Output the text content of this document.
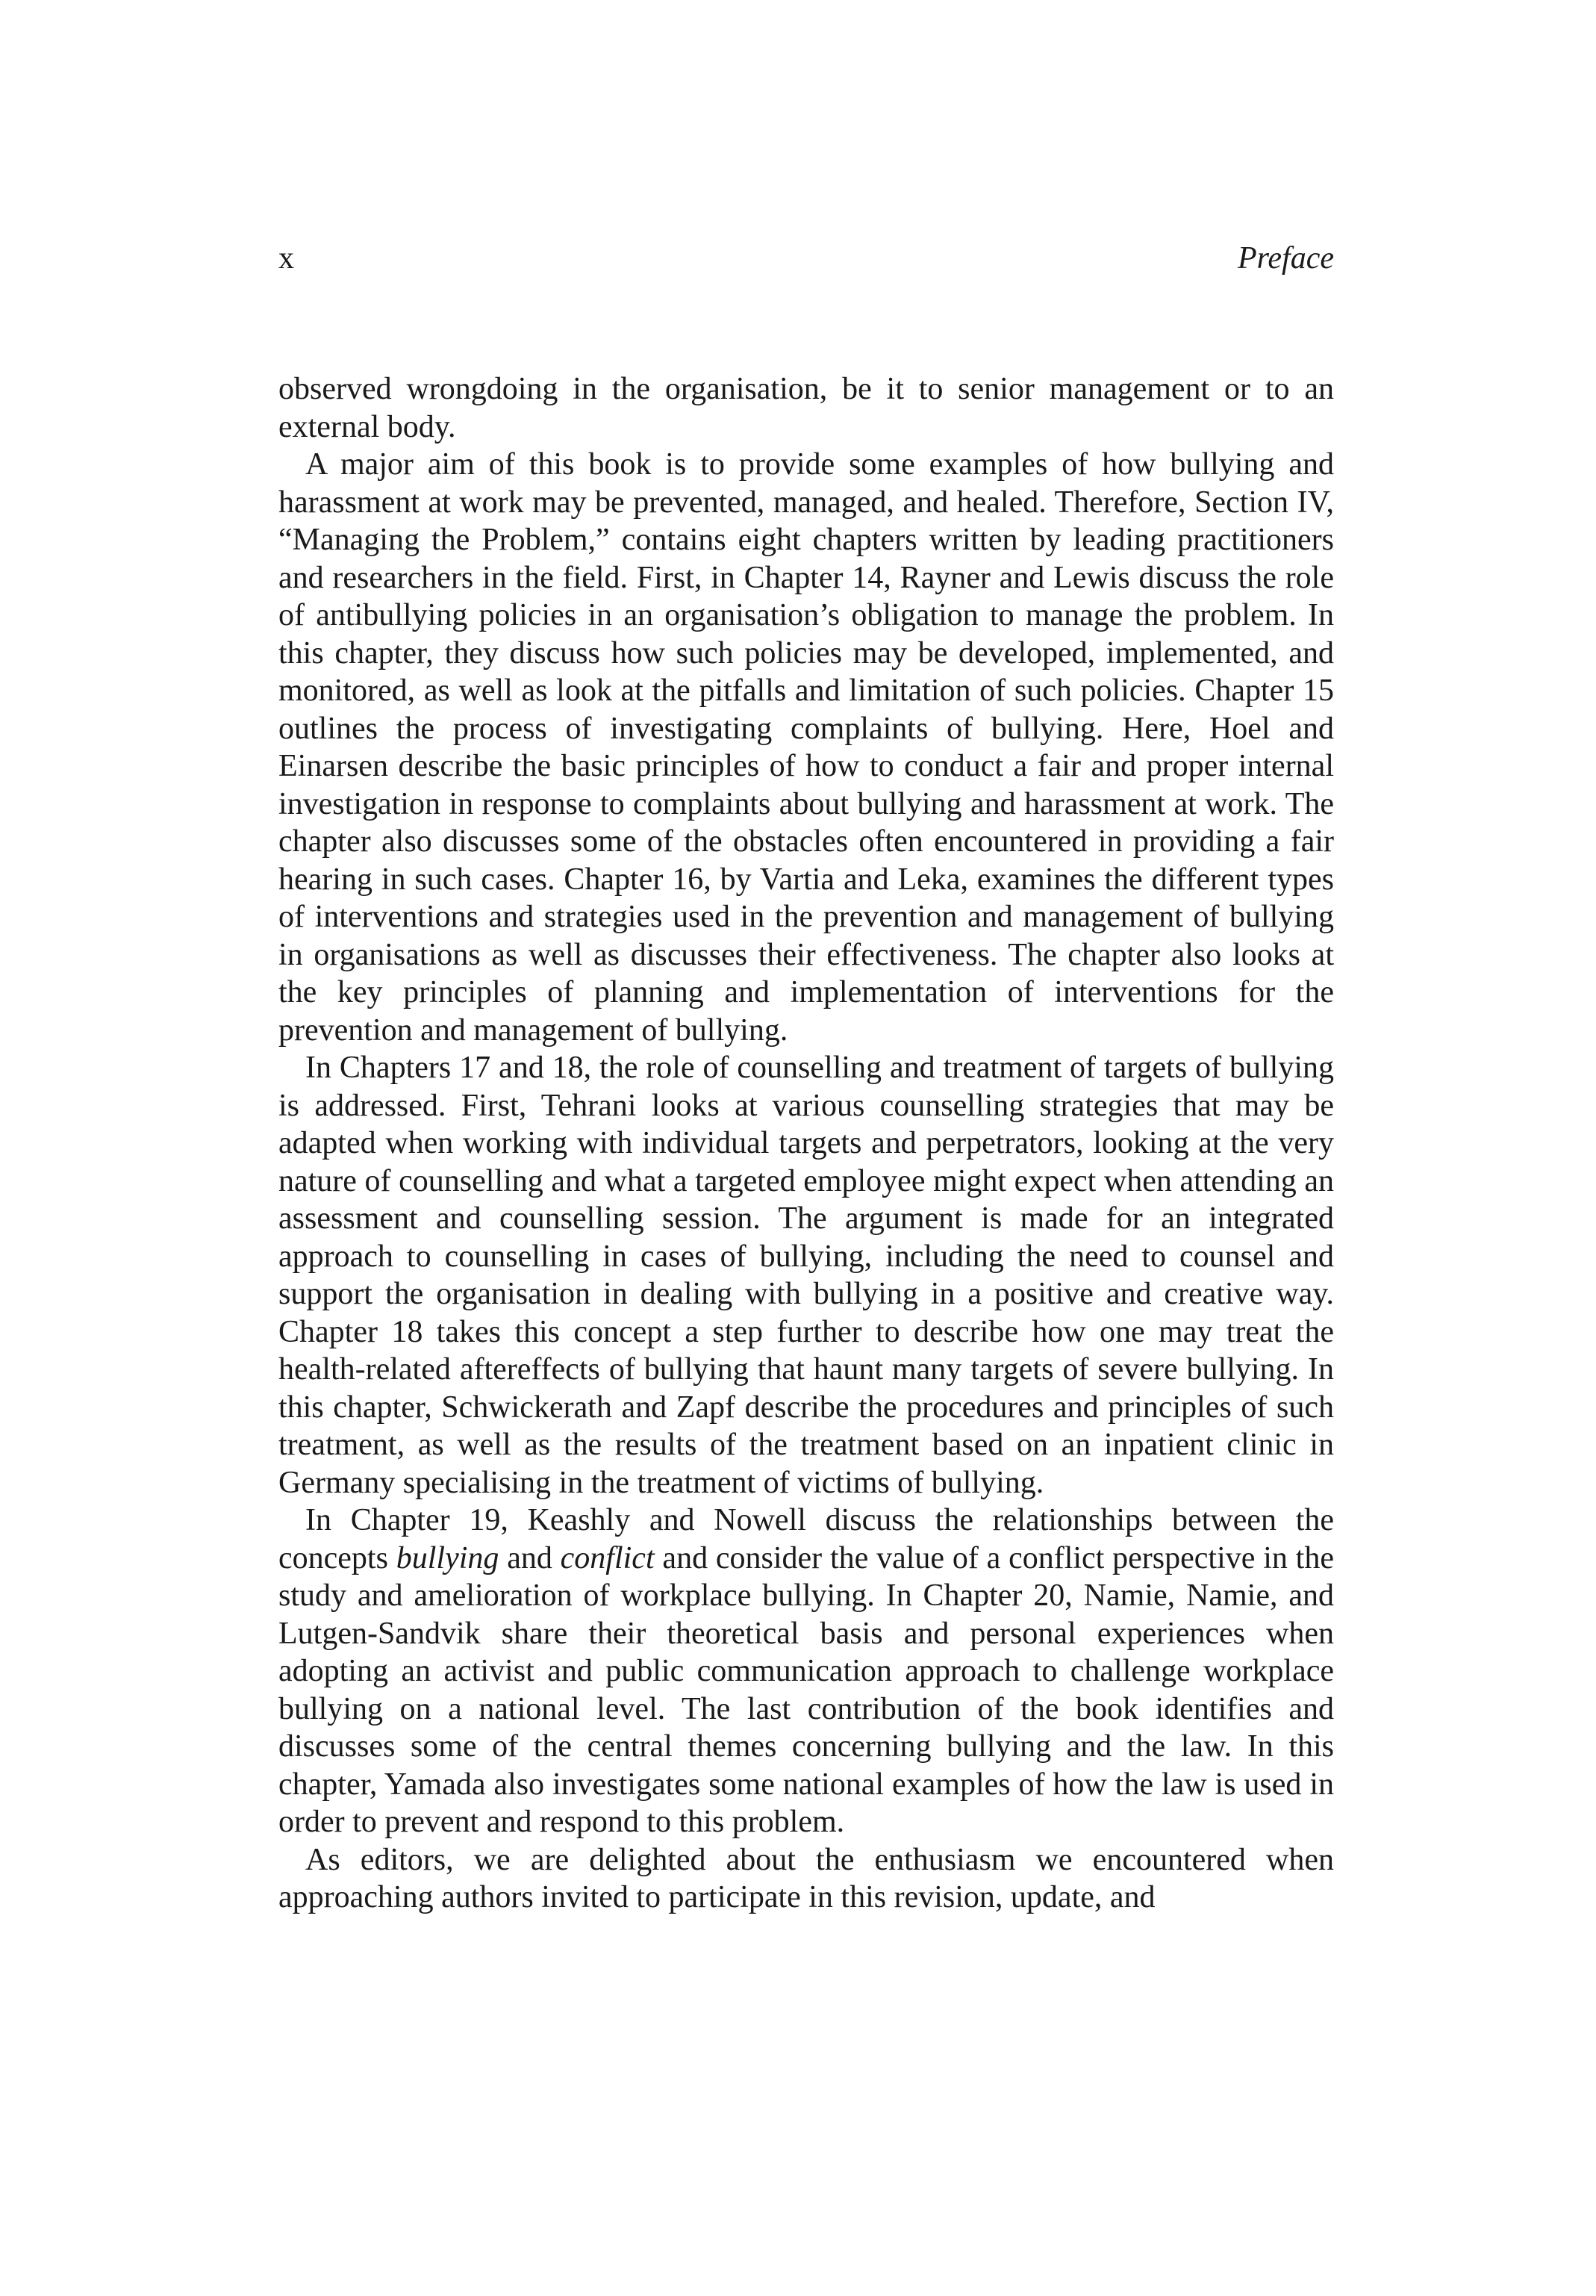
x	Preface

observed wrongdoing in the organisation, be it to senior management or to an external body.

A major aim of this book is to provide some examples of how bullying and harassment at work may be prevented, managed, and healed. Therefore, Section IV, “Managing the Problem,” contains eight chapters written by leading practitioners and researchers in the field. First, in Chapter 14, Rayner and Lewis discuss the role of antibullying policies in an organisation’s obligation to manage the problem. In this chapter, they discuss how such policies may be developed, implemented, and monitored, as well as look at the pitfalls and limitation of such policies. Chapter 15 outlines the process of investigating complaints of bullying. Here, Hoel and Einarsen describe the basic principles of how to conduct a fair and proper internal investigation in response to complaints about bullying and harassment at work. The chapter also discusses some of the obstacles often encountered in providing a fair hearing in such cases. Chapter 16, by Vartia and Leka, examines the different types of interventions and strategies used in the prevention and management of bullying in organisations as well as discusses their effectiveness. The chapter also looks at the key principles of planning and implementation of interventions for the prevention and management of bullying.

In Chapters 17 and 18, the role of counselling and treatment of targets of bullying is addressed. First, Tehrani looks at various counselling strategies that may be adapted when working with individual targets and perpetrators, looking at the very nature of counselling and what a targeted employee might expect when attending an assessment and counselling session. The argument is made for an integrated approach to counselling in cases of bullying, including the need to counsel and support the organisation in dealing with bullying in a positive and creative way. Chapter 18 takes this concept a step further to describe how one may treat the health-related aftereffects of bullying that haunt many targets of severe bullying. In this chapter, Schwickerath and Zapf describe the procedures and principles of such treatment, as well as the results of the treatment based on an inpatient clinic in Germany specialising in the treatment of victims of bullying.

In Chapter 19, Keashly and Nowell discuss the relationships between the concepts bullying and conflict and consider the value of a conflict perspective in the study and amelioration of workplace bullying. In Chapter 20, Namie, Namie, and Lutgen-Sandvik share their theoretical basis and personal experiences when adopting an activist and public communication approach to challenge workplace bullying on a national level. The last contribution of the book identifies and discusses some of the central themes concerning bullying and the law. In this chapter, Yamada also investigates some national examples of how the law is used in order to prevent and respond to this problem.

As editors, we are delighted about the enthusiasm we encountered when approaching authors invited to participate in this revision, update, and
